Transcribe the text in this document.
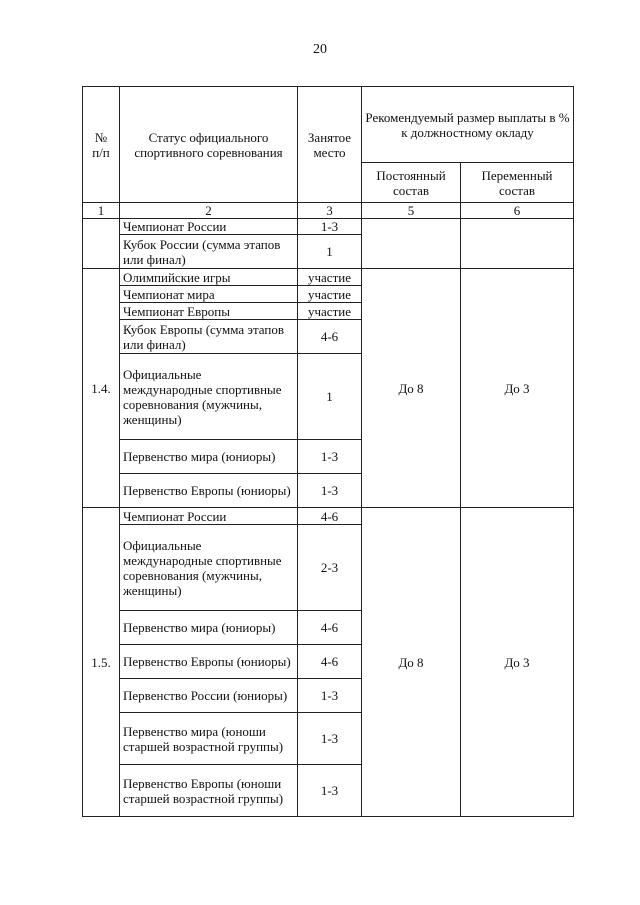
20
№
п/п	Статус официального спортивного соревнования	Занятое место	Рекомендуемый размер выплаты в % к должностному окладу	
			Постоянный состав	Переменный состав
1	2	3	5	6
	Чемпионат России	1-3		
	Кубок России (сумма этапов или финал)	1		
1.4.	Олимпийские игры	участие	До 8	До 3
	Чемпионат мира	участие		
	Чемпионат Европы	участие		
	Кубок Европы (сумма этапов или финал)	4-6		
	Официальные международные спортивные соревнования (мужчины, женщины)	1		
	Первенство мира (юниоры)	1-3		
	Первенство Европы (юниоры)	1-3		
1.5.	Чемпионат России	4-6	До 8	До 3
	Официальные международные спортивные соревнования (мужчины, женщины)	2-3		
	Первенство мира (юниоры)	4-6		
	Первенство Европы (юниоры)	4-6		
	Первенство России (юниоры)	1-3		
	Первенство мира (юноши старшей возрастной группы)	1-3		
	Первенство Европы (юноши старшей возрастной группы)	1-3		
